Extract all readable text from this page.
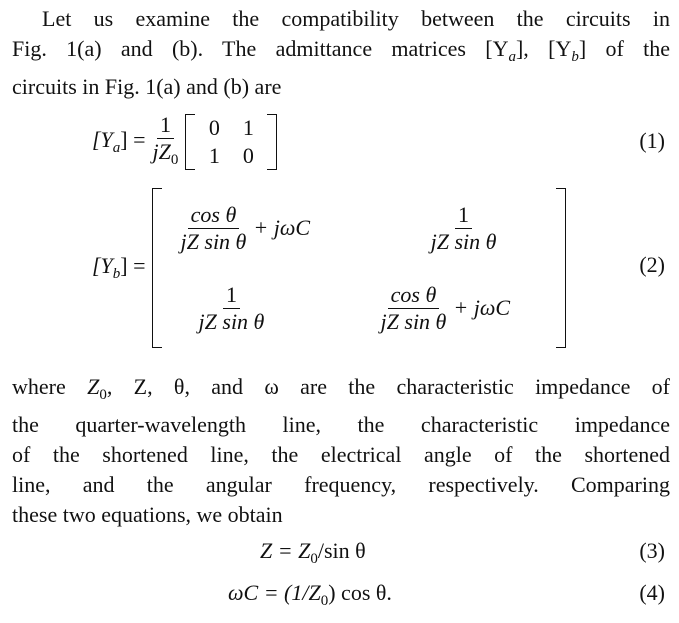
Let us examine the compatibility between the circuits in
Fig. 1(a) and (b). The admittance matrices $[Y_a]$, $[Y_b]$ of the
circuits in Fig. 1(a) and (b) are
$[Y_a] = \frac{1}{jZ_0} 0$	1
1	0
(1)
$[Y_b]$ =
$\frac{\text{cos θ}}{\text{jZ sin θ}} + j\omega C$	$\frac{1}{\text{jZ sin θ}}$

$\frac{1}{\text{jZ sin θ}}$	$\frac{\text{cos θ}}{\text{jZ sin θ}} + j\omega C$
(2)
where $Z_0$, Z, θ, and ω are the characteristic impedance of
the quarter-wavelength line, the characteristic impedance
of the shortened line, the electrical angle of the shortened
line, and the angular frequency, respectively. Comparing
these two equations, we obtain
$Z = Z_0/\sin$ θ	(3)
$\omega C = (1/Z_0)$ cos θ.	(4)
